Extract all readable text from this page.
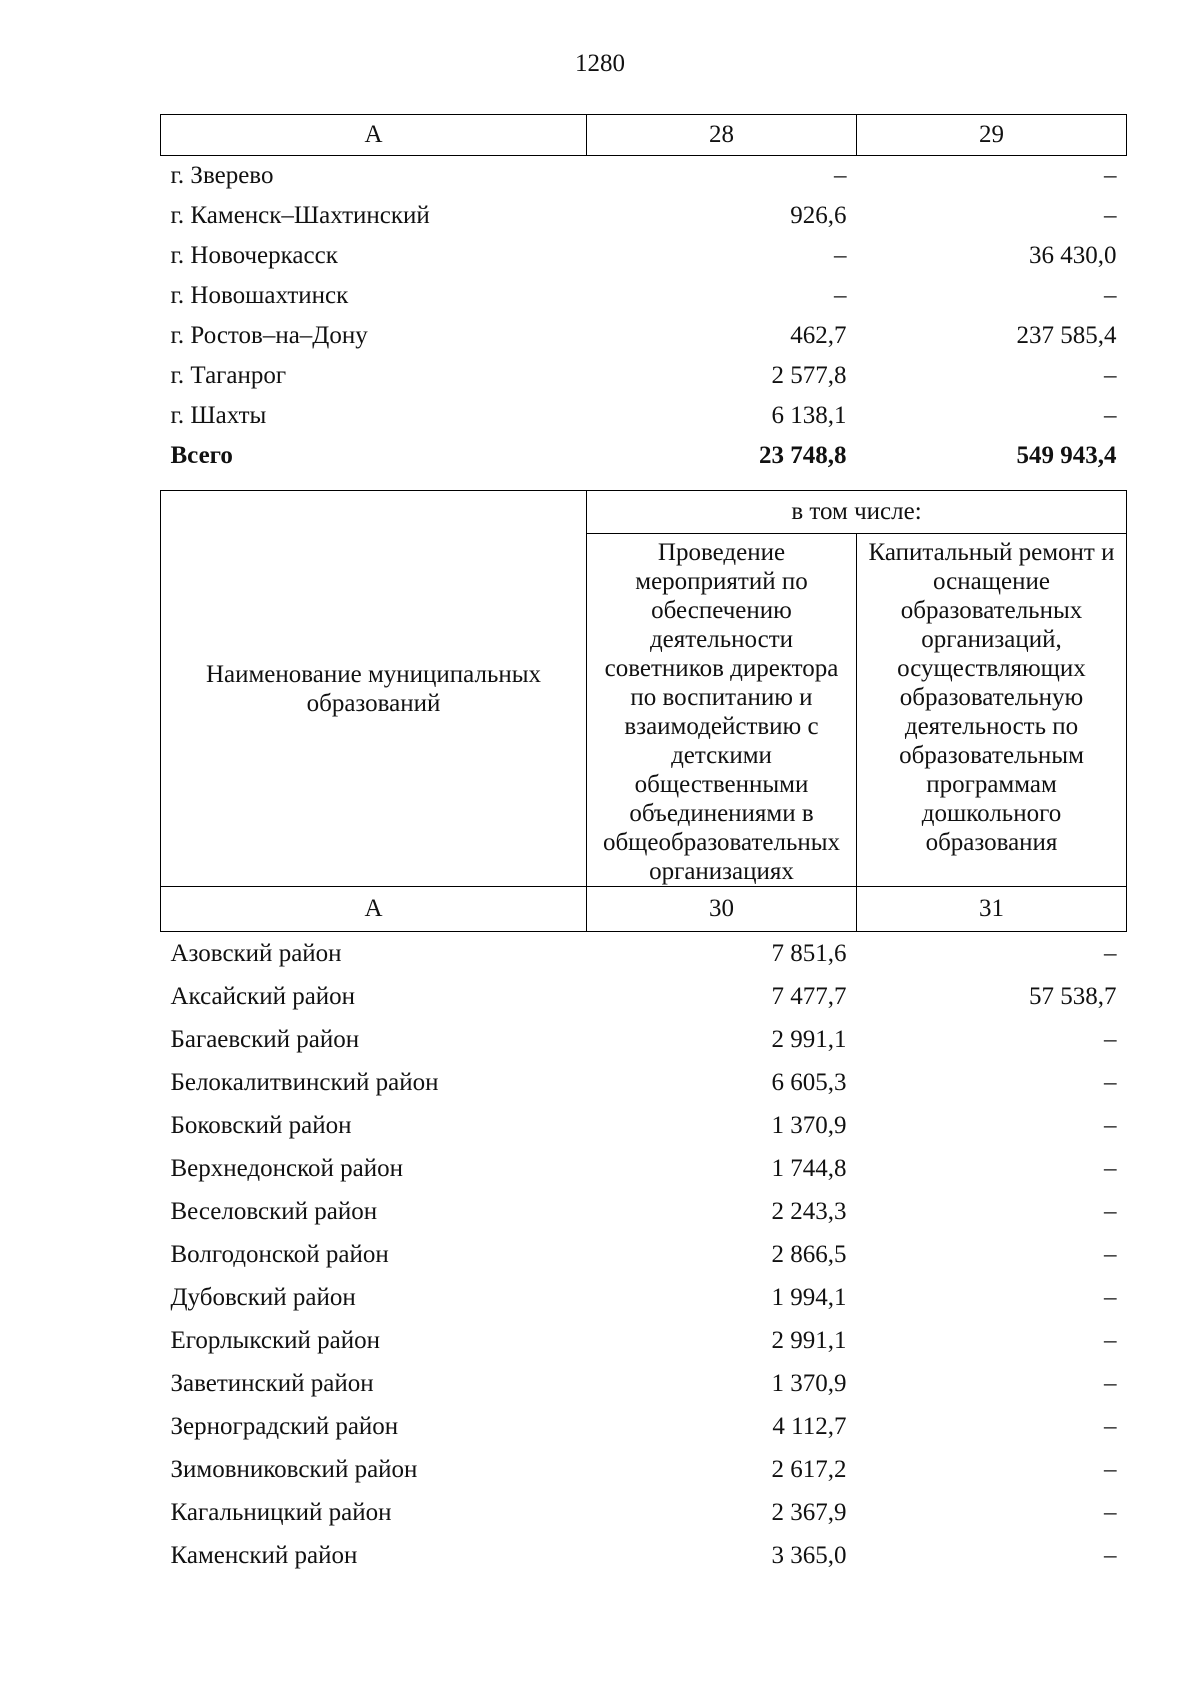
1280
А	28	29
г. Зверево	–	–
г. Каменск–Шахтинский	926,6	–
г. Новочеркасск	–	36 430,0
г. Новошахтинск	–	–
г. Ростов–на–Дону	462,7	237 585,4
г. Таганрог	2 577,8	–
г. Шахты	6 138,1	–
Всего	23 748,8	549 943,4
Наименование муниципальных образований	в том числе:	
	Проведение мероприятий по обеспечению деятельности советников директора по воспитанию и взаимодействию с детскими общественными объединениями в общеобразовательных организациях	Капитальный ремонт и оснащение образовательных организаций, осуществляющих образовательную деятельность по образовательным программам дошкольного образования
А	30	31
Азовский район	7 851,6	–
Аксайский район	7 477,7	57 538,7
Багаевский район	2 991,1	–
Белокалитвинский район	6 605,3	–
Боковский район	1 370,9	–
Верхнедонской район	1 744,8	–
Веселовский район	2 243,3	–
Волгодонской район	2 866,5	–
Дубовский район	1 994,1	–
Егорлыкский район	2 991,1	–
Заветинский район	1 370,9	–
Зерноградский район	4 112,7	–
Зимовниковский район	2 617,2	–
Кагальницкий район	2 367,9	–
Каменский район	3 365,0	–
